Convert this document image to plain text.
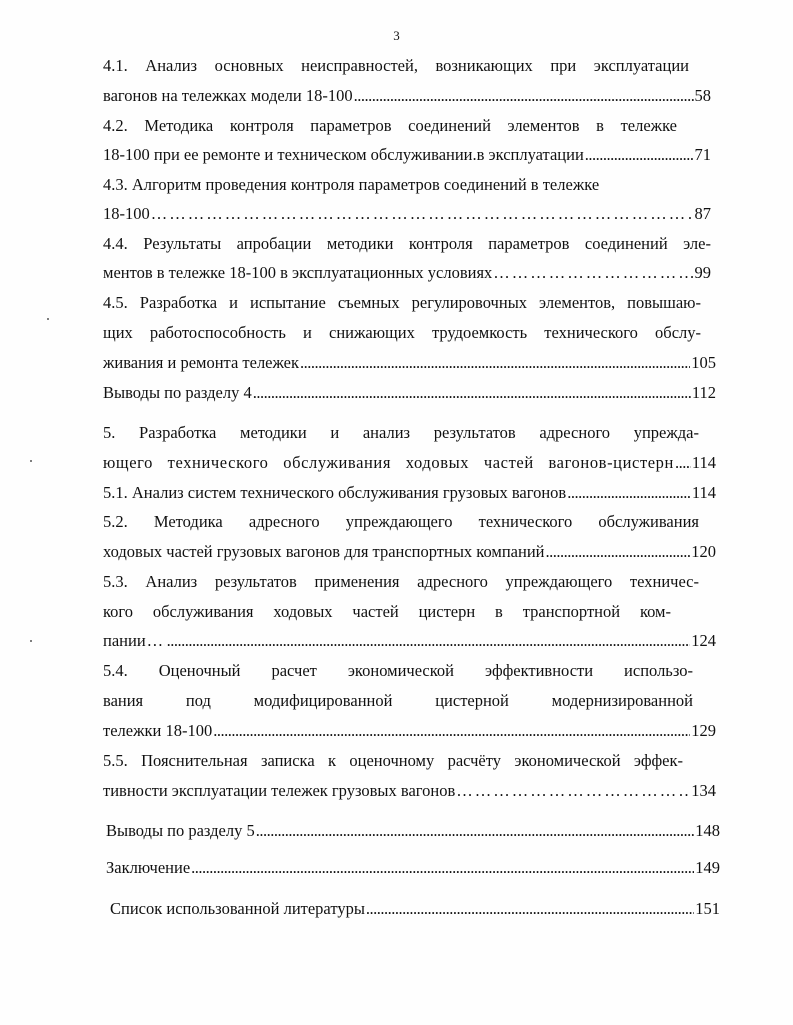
3
4.1. Анализ основных неисправностей, возникающих при эксплуатации
вагонов на тележках модели 18-100 .....	58
4.2. Методика контроля параметров соединений элементов в тележке
18-100 при ее ремонте и техническом обслуживании.в эксплуатации .....	71
4.3. Алгоритм проведения контроля параметров соединений в тележке
18-100 …………………………………………………………………………………………………………………………………………………………	87
4.4. Результаты апробации методики контроля параметров соединений эле-
ментов в тележке 18-100 в эксплуатационных условиях …………………………………………………………………………………………………………………………………………………………	99
4.5. Разработка и испытание съемных регулировочных элементов, повышаю-
щих работоспособность и снижающих трудоемкость технического обслу-
живания и ремонта тележек .....	105
Выводы по разделу 4 .....	112
5. Разработка методики и анализ результатов адресного упрежда-
ющего технического обслуживания ходовых частей вагонов-цистерн ..... 114
5.1. Анализ систем технического обслуживания грузовых вагонов .....	114
5.2. Методика адресного упреждающего технического обслуживания
ходовых частей грузовых вагонов для транспортных компаний .....	120
5.3. Анализ результатов применения адресного упреждающего техничес-
кого обслуживания ходовых частей цистерн в транспортной ком-
пании ………………………………………………………………………………………………………………………………………………………… .....	124
5.4. Оценочный расчет экономической эффективности использо-
вания под модифицированной цистерной модернизированной
тележки 18-100 .....	129
5.5. Пояснительная записка к оценочному расчёту экономической эффек-
тивности эксплуатации тележек грузовых вагонов …………………………………………………………………………………………………………………………………………………………	134
Выводы по разделу 5 .....	148
Заключение .....	149
Список использованной литературы .....	151
